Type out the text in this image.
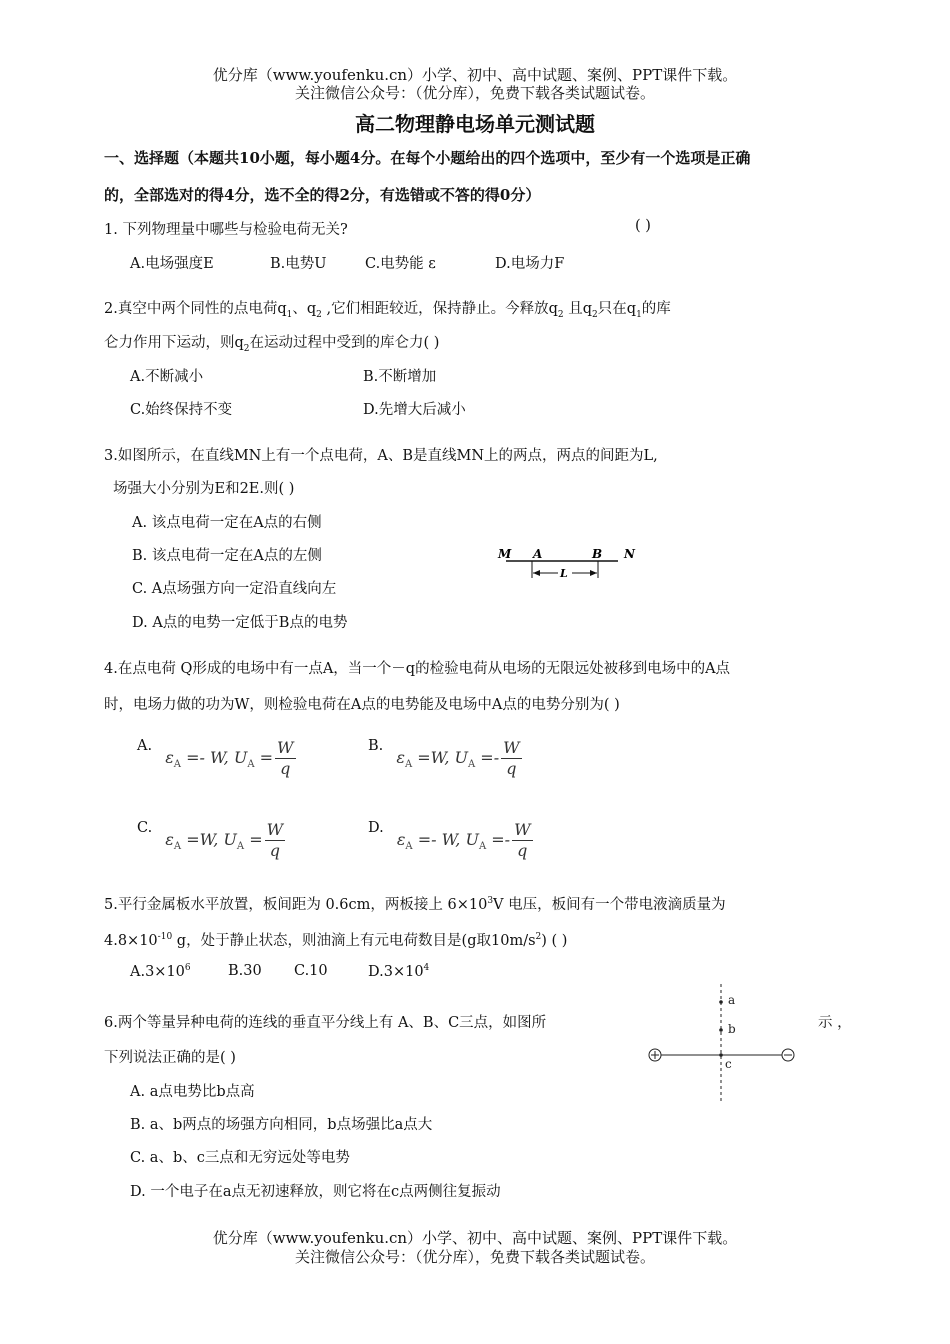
优分库（www.youfenku.cn）小学、初中、高中试题、案例、PPT课件下载。
关注微信公众号：（优分库），免费下载各类试题试卷。
高二物理静电场单元测试题
一、选择题（本题共10小题，每小题4分。在每个小题给出的四个选项中，至少有一个选项是正确
的，全部选对的得4分，选不全的得2分，有选错或不答的得0分）
1. 下列物理量中哪些与检验电荷无关?	( )
A.电场强度E	B.电势U	C.电势能 ε	D.电场力F
2.真空中两个同性的点电荷$q_1$、$q_2$ ,它们相距较近，保持静止。今释放$q_2$ 且$q_2$只在$q_1$的库
仑力作用下运动，则$q_2$在运动过程中受到的库仑力( )
A.不断减小	B.不断增加
C.始终保持不变	D.先增大后减小
3.如图所示，在直线MN上有一个点电荷，A、B是直线MN上的两点，两点的间距为L,
场强大小分别为E和2E.则( )
A. 该点电荷一定在A点的右侧
B. 该点电荷一定在A点的左侧
C. A点场强方向一定沿直线向左
D. A点的电势一定低于B点的电势
M A	B N
L
4.在点电荷 Q形成的电场中有一点A，当一个－q的检验电荷从电场的无限远处被移到电场中的A点
时，电场力做的功为W，则检验电荷在A点的电势能及电场中A点的电势分别为( )
A. $\varepsilon_A =- W$, $U_A = \frac{W}{q}$	B. $\varepsilon_A =W$, $U_A =- \frac{W}{q}$
C. $\varepsilon_A =W$, $U_A = \frac{W}{q}$	D. $\varepsilon_A =- W$, $U_A =- \frac{W}{q}$
5.平行金属板水平放置，板间距为 0.6cm，两板接上 $6\times 10^3V$ 电压，板间有一个带电液滴质量为
$4.8\times 10^{-10}$ g，处于静止状态，则油滴上有元电荷数目是(g取$10m/s^2$) ( )
$A.3\times 10^6$	B.30 C.10	$D.3\times 10^4$
6.两个等量异种电荷的连线的垂直平分线上有 A、B、C三点，如图所	示 ，
下列说法正确的是( )
A. a点电势比b点高
B. a、b两点的场强方向相同，b点场强比a点大
C. a、b、c三点和无穷远处等电势
D. 一个电子在a点无初速释放，则它将在c点两侧往复振动
a
b
c
优分库（www.youfenku.cn）小学、初中、高中试题、案例、PPT课件下载。
关注微信公众号：（优分库），免费下载各类试题试卷。
